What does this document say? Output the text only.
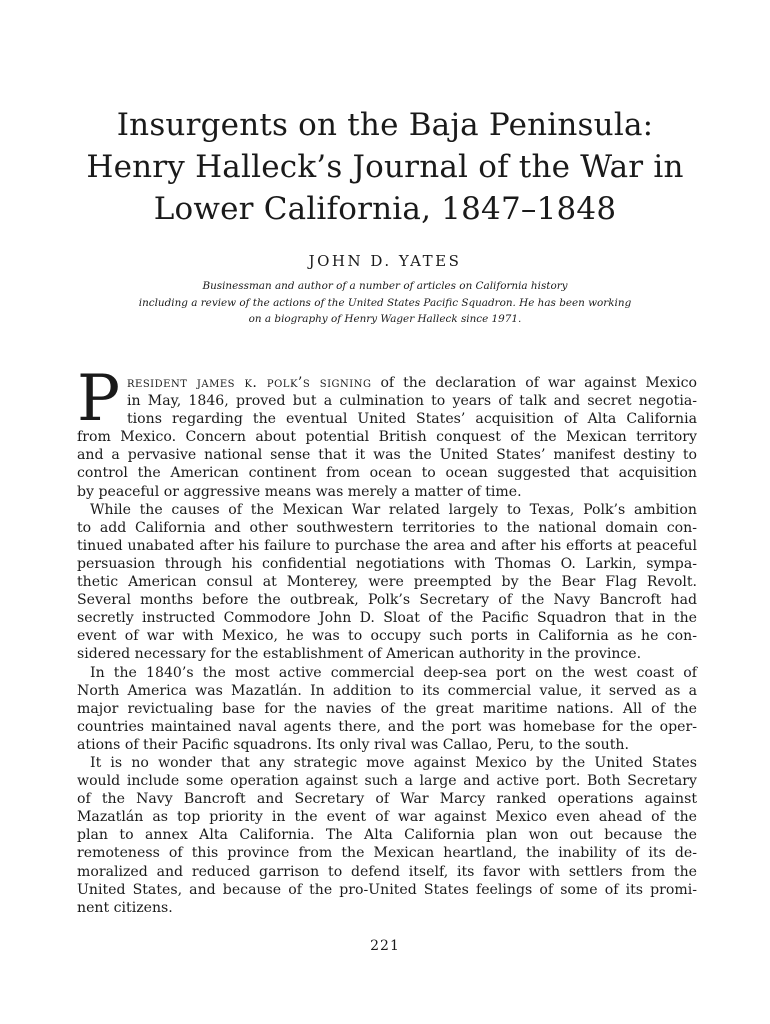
Insurgents on the Baja Peninsula:
Henry Halleck’s Journal of the War in
Lower California, 1847–1848
JOHN D. YATES
Businessman and author of a number of articles on California history
including a review of the actions of the United States Pacific Squadron. He has been working
on a biography of Henry Wager Halleck since 1971.
P resident james k. polk’s signing of the declaration of war against Mexico
in May, 1846, proved but a culmination to years of talk and secret negotia-
tions regarding the eventual United States’ acquisition of Alta California
from Mexico. Concern about potential British conquest of the Mexican territory
and a pervasive national sense that it was the United States’ manifest destiny to
control the American continent from ocean to ocean suggested that acquisition
by peaceful or aggressive means was merely a matter of time.
While the causes of the Mexican War related largely to Texas, Polk’s ambition
to add California and other southwestern territories to the national domain con-
tinued unabated after his failure to purchase the area and after his efforts at peaceful
persuasion through his confidential negotiations with Thomas O. Larkin, sympa-
thetic American consul at Monterey, were preempted by the Bear Flag Revolt.
Several months before the outbreak, Polk’s Secretary of the Navy Bancroft had
secretly instructed Commodore John D. Sloat of the Pacific Squadron that in the
event of war with Mexico, he was to occupy such ports in California as he con-
sidered necessary for the establishment of American authority in the province.
In the 1840’s the most active commercial deep-sea port on the west coast of
North America was Mazatlán. In addition to its commercial value, it served as a
major revictualing base for the navies of the great maritime nations. All of the
countries maintained naval agents there, and the port was homebase for the oper-
ations of their Pacific squadrons. Its only rival was Callao, Peru, to the south.
It is no wonder that any strategic move against Mexico by the United States
would include some operation against such a large and active port. Both Secretary
of the Navy Bancroft and Secretary of War Marcy ranked operations against
Mazatlán as top priority in the event of war against Mexico even ahead of the
plan to annex Alta California. The Alta California plan won out because the
remoteness of this province from the Mexican heartland, the inability of its de-
moralized and reduced garrison to defend itself, its favor with settlers from the
United States, and because of the pro-United States feelings of some of its promi-
nent citizens.
221
